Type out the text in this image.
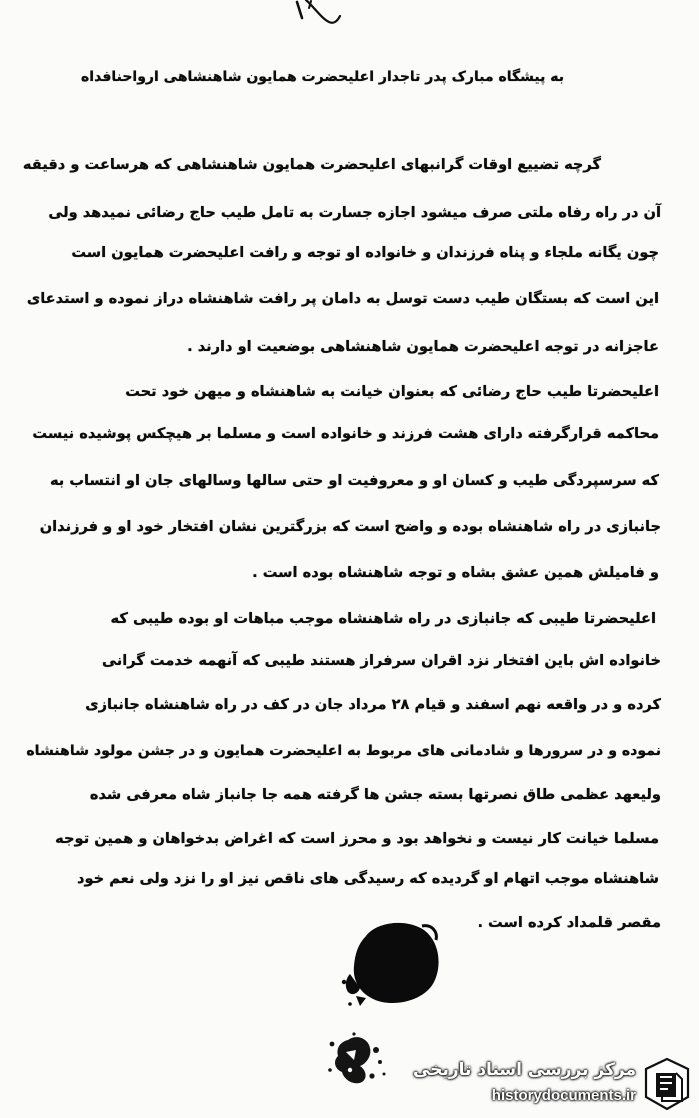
به پیشگاه مبارک پدر تاجدار اعلیحضرت همایون شاهنشاهی ارواحنافداه
گرچه تضییع اوقات گرانبهای اعلیحضرت همایون شاهنشاهی که هرساعت و دقیقه
آن در راه رفاه ملتی صرف میشود اجازه جسارت به تامل طیب حاج رضائی نمیدهد ولی
چون یگانه ملجاء و پناه فرزندان و خانواده او توجه و رافت اعلیحضرت همایون است
این است که بستگان طیب دست توسل به دامان پر رافت شاهنشاه دراز نموده و استدعای
عاجزانه در توجه اعلیحضرت همایون شاهنشاهی بوضعیت او دارند .
اعلیحضرتا طیب حاج رضائی که بعنوان خیانت به شاهنشاه و میهن خود تحت
محاکمه قرارگرفته دارای هشت فرزند و خانواده است و مسلما بر هیچکس پوشیده نیست
که سرسپردگی طیب و کسان او و معروفیت او حتی سالها وسالهای جان او انتساب به
جانبازی در راه شاهنشاه بوده و واضح است که بزرگترین نشان افتخار خود او و فرزندان
و فامیلش همین عشق بشاه و توجه شاهنشاه بوده است .
اعلیحضرتا طیبی که جانبازی در راه شاهنشاه موجب مباهات او بوده طیبی که
خانواده اش باین افتخار نزد اقران سرفراز هستند طیبی که آنهمه خدمت گرانی
کرده و در واقعه نهم اسفند و قیام ۲۸ مرداد جان در کف در راه شاهنشاه جانبازی
نموده و در سرورها و شادمانی های مربوط به اعلیحضرت همایون و در جشن مولود شاهنشاه
ولیعهد عظمی طاق نصرتها بسته جشن ها گرفته همه جا جانباز شاه معرفی شده
مسلما خیانت کار نیست و نخواهد بود و محرز است که اغراض بدخواهان و همین توجه
شاهنشاه موجب اتهام او گردیده که رسیدگی های ناقص نیز او را نزد ولی نعم خود
مقصر قلمداد کرده است .
مرکز بررسی اسناد تاریخی
historydocuments.ir
